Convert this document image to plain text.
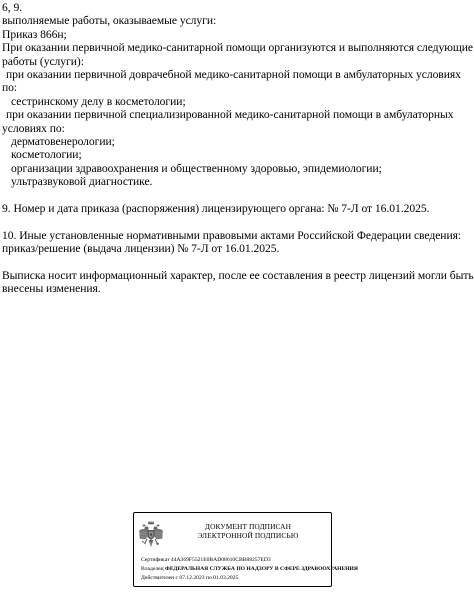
6, 9.
выполняемые работы, оказываемые услуги:
Приказ 866н;
При оказании первичной медико-санитарной помощи организуются и выполняются следующие
работы (услуги):
при оказании первичной доврачебной медико-санитарной помощи в амбулаторных условиях
по:
сестринскому делу в косметологии;
при оказании первичной специализированной медико-санитарной помощи в амбулаторных
условиях по:
дерматовенерологии;
косметологии;
организации здравоохранения и общественному здоровью, эпидемиологии;
ультразвуковой диагностике.
9. Номер и дата приказа (распоряжения) лицензирующего органа: № 7-Л от 16.01.2025.
10. Иные установленные нормативными правовыми актами Российской Федерации сведения:
приказ/решение (выдача лицензии) № 7-Л от 16.01.2025.
Выписка носит информационный характер, после ее составления в реестр лицензий могли быть
внесены изменения.
ДОКУМЕНТ ПОДПИСАН
ЭЛЕКТРОННОЙ ПОДПИСЬЮ
Сертификат 44A369F5521E0BAD08610CBB88257ED3
Владелец ФЕДЕРАЛЬНАЯ СЛУЖБА ПО НАДЗОРУ В СФЕРЕ ЗДРАВООХРАНЕНИЯ
Действителен с 07.12.2023 по 01.03.2025
